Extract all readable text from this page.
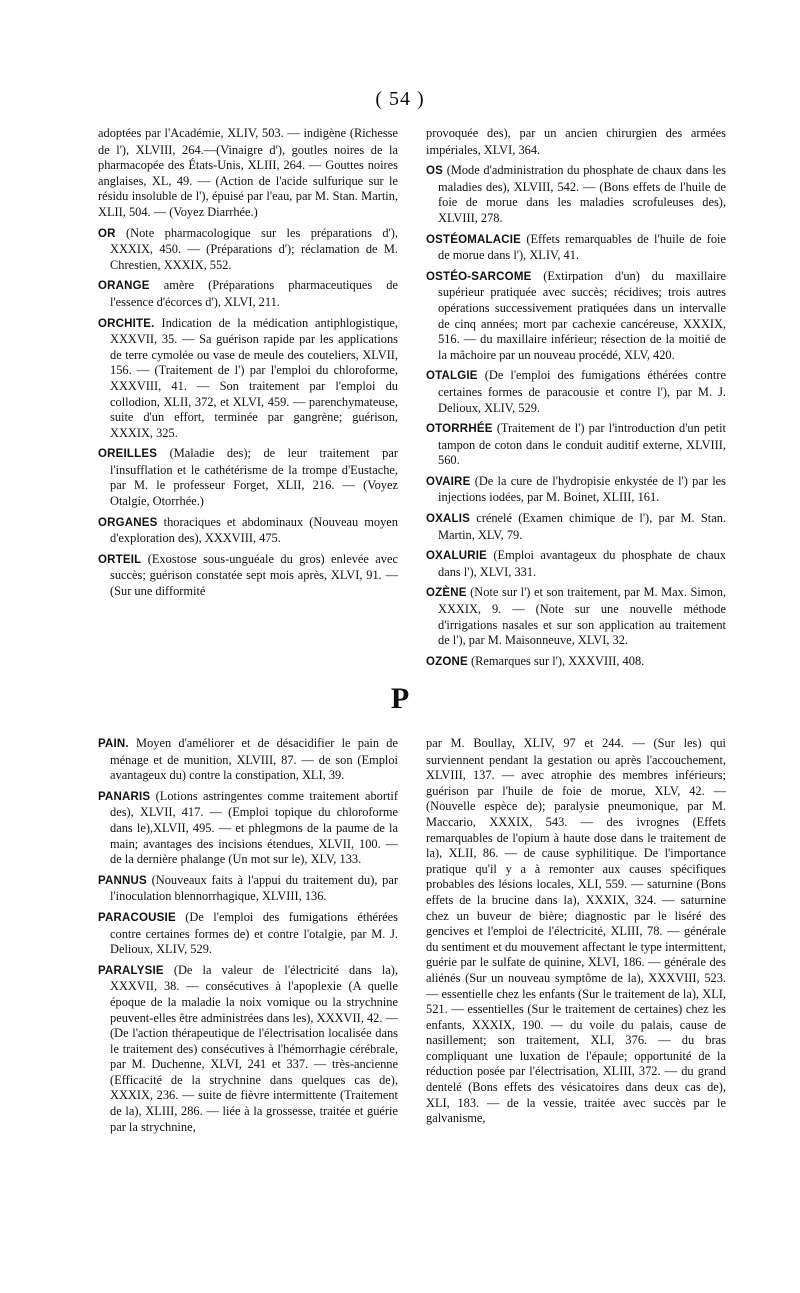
( 54 )

adoptées par l'Académie, XLIV, 503. — indigène (Richesse de l'), XLVIII, 264.—(Vinaigre d'), goutles noires de la pharmacopée des États-Unis, XLIII, 264. — Gouttes noires anglaises, XL, 49. — (Action de l'acide sulfurique sur le résidu insoluble de l'), épuisé par l'eau, par M. Stan. Martin, XLII, 504. — (Voyez Diarrhée.)

OR (Note pharmacologique sur les préparations d'), XXXIX, 450. — (Préparations d'); réclamation de M. Chrestien, XXXIX, 552.

ORANGE amère (Préparations pharmaceutiques de l'essence d'écorces d'), XLVI, 211.

ORCHITE. Indication de la médication antiphlogistique, XXXVII, 35. — Sa guérison rapide par les applications de terre cymolée ou vase de meule des couteliers, XLVII, 156. — (Traitement de l') par l'emploi du chloroforme, XXXVIII, 41. — Son traitement par l'emploi du collodion, XLII, 372, et XLVI, 459. — parenchymateuse, suite d'un effort, terminée par gangrène; guérison, XXXIX, 325.

OREILLES (Maladie des); de leur traitement par l'insufflation et le cathétérisme de la trompe d'Eustache, par M. le professeur Forget, XLII, 216. — (Voyez Otalgie, Otorrhée.)

ORGANES thoraciques et abdominaux (Nouveau moyen d'exploration des), XXXVIII, 475.

ORTEIL (Exostose sous-unguéale du gros) enlevée avec succès; guérison constatée sept mois après, XLVI, 91. — (Sur une difformité

provoquée des), par un ancien chirurgien des armées impériales, XLVI, 364.

OS (Mode d'administration du phosphate de chaux dans les maladies des), XLVIII, 542. — (Bons effets de l'huile de foie de morue dans les maladies scrofuleuses des), XLVIII, 278.

OSTÉOMALACIE (Effets remarquables de l'huile de foie de morue dans l'), XLIV, 41.

OSTÉO-SARCOME (Extirpation d'un) du maxillaire supérieur pratiquée avec succès; récidives; trois autres opérations successivement pratiquées dans un intervalle de cinq années; mort par cachexie cancéreuse, XXXIX, 516. — du maxillaire inférieur; résection de la moitié de la mâchoire par un nouveau procédé, XLV, 420.

OTALGIE (De l'emploi des fumigations éthérées contre certaines formes de paracousie et contre l'), par M. J. Delioux, XLIV, 529.

OTORRHÉE (Traitement de l') par l'introduction d'un petit tampon de coton dans le conduit auditif externe, XLVIII, 560.

OVAIRE (De la cure de l'hydropisie enkystée de l') par les injections iodées, par M. Boinet, XLIII, 161.

OXALIS crénelé (Examen chimique de l'), par M. Stan. Martin, XLV, 79.

OXALURIE (Emploi avantageux du phosphate de chaux dans l'), XLVI, 331.

OZÈNE (Note sur l') et son traitement, par M. Max. Simon, XXXIX, 9. — (Note sur une nouvelle méthode d'irrigations nasales et sur son application au traitement de l'), par M. Maisonneuve, XLVI, 32.

OZONE (Remarques sur l'), XXXVIII, 408.

P

PAIN. Moyen d'améliorer et de désacidifier le pain de ménage et de munition, XLVIII, 87. — de son (Emploi avantageux du) contre la constipation, XLI, 39.

PANARIS (Lotions astringentes comme traitement abortif des), XLVII, 417. — (Emploi topique du chloroforme dans le),XLVII, 495. — et phlegmons de la paume de la main; avantages des incisions étendues, XLVII, 100. — de la dernière phalange (Un mot sur le), XLV, 133.

PANNUS (Nouveaux faits à l'appui du traitement du), par l'inoculation blennorrhagique, XLVIII, 136.

PARACOUSIE (De l'emploi des fumigations éthérées contre certaines formes de) et contre l'otalgie, par M. J. Delioux, XLIV, 529.

PARALYSIE (De la valeur de l'électricité dans la), XXXVII, 38. — consécutives à l'apoplexie (A quelle époque de la maladie la noix vomique ou la strychnine peuvent-elles être administrées dans les), XXXVII, 42. — (De l'action thérapeutique de l'électrisation localisée dans le traitement des) consécutives à l'hémorrhagie cérébrale, par M. Duchenne, XLVI, 241 et 337. — très-ancienne (Efficacité de la strychnine dans quelques cas de), XXXIX, 236. — suite de fièvre intermittente (Traitement de la), XLIII, 286. — liée à la grossesse, traitée et guérie par la strychnine,

par M. Boullay, XLIV, 97 et 244. — (Sur les) qui surviennent pendant la gestation ou après l'accouchement, XLVIII, 137. — avec atrophie des membres inférieurs; guérison par l'huile de foie de morue, XLV, 42. — (Nouvelle espèce de); paralysie pneumonique, par M. Maccario, XXXIX, 543. — des ivrognes (Effets remarquables de l'opium à haute dose dans le traitement de la), XLII, 86. — de cause syphilitique. De l'importance pratique qu'il y a à remonter aux causes spécifiques probables des lésions locales, XLI, 559. — saturnine (Bons effets de la brucine dans la), XXXIX, 324. — saturnine chez un buveur de bière; diagnostic par le liséré des gencives et l'emploi de l'électricité, XLIII, 78. — générale du sentiment et du mouvement affectant le type intermittent, guérie par le sulfate de quinine, XLVI, 186. — générale des aliénés (Sur un nouveau symptôme de la), XXXVIII, 523. — essentielle chez les enfants (Sur le traitement de la), XLI, 521. — essentielles (Sur le traitement de certaines) chez les enfants, XXXIX, 190. — du voile du palais, cause de nasillement; son traitement, XLI, 376. — du bras compliquant une luxation de l'épaule; opportunité de la réduction posée par l'électrisation, XLIII, 372. — du grand dentelé (Bons effets des vésicatoires dans deux cas de), XLI, 183. — de la vessie, traitée avec succès par le galvanisme,
